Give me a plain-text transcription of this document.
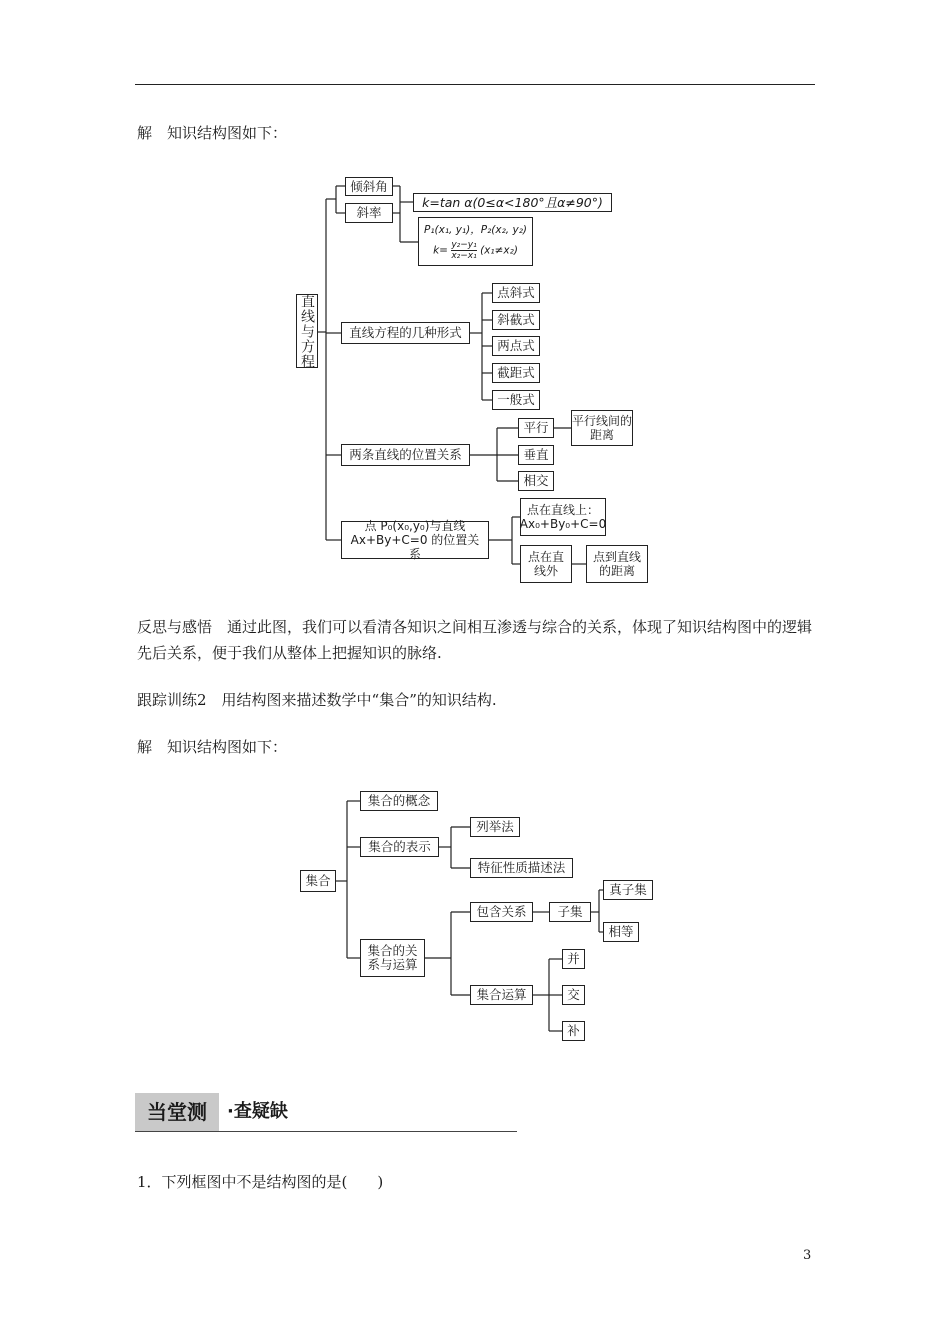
解　知识结构图如下：
直线与方程
倾斜角
斜率
k=tan α(0≤α<180°且α≠90°)
P₁(x₁, y₁)，P₂(x₂, y₂)
$k= \frac{\text{y₂−y₁}}{\text{x₂−x₁}} (x_1\ne x_2)$
直线方程的几种形式
点斜式
斜截式
两点式
截距式
一般式
两条直线的位置关系
平行	平行线间的距离
垂直
相交
点 P₀(x₀,y₀)与直线 Ax+By+C=0 的位置关系
点在直线上：Ax₀+By₀+C=0
点在直线外
点到直线的距离
反思与感悟　通过此图，我们可以看清各知识之间相互渗透与综合的关系，体现了知识结构图中的逻辑先后关系，便于我们从整体上把握知识的脉络.
跟踪训练2　用结构图来描述数学中“集合”的知识结构.
解　知识结构图如下：
集合
集合的概念
集合的表示
列举法
特征性质描述法
集合的关系与运算
包含关系	子集
真子集
相等
集合运算
并
交
补
当堂测	·查疑缺
1．下列框图中不是结构图的是(　　)
3
